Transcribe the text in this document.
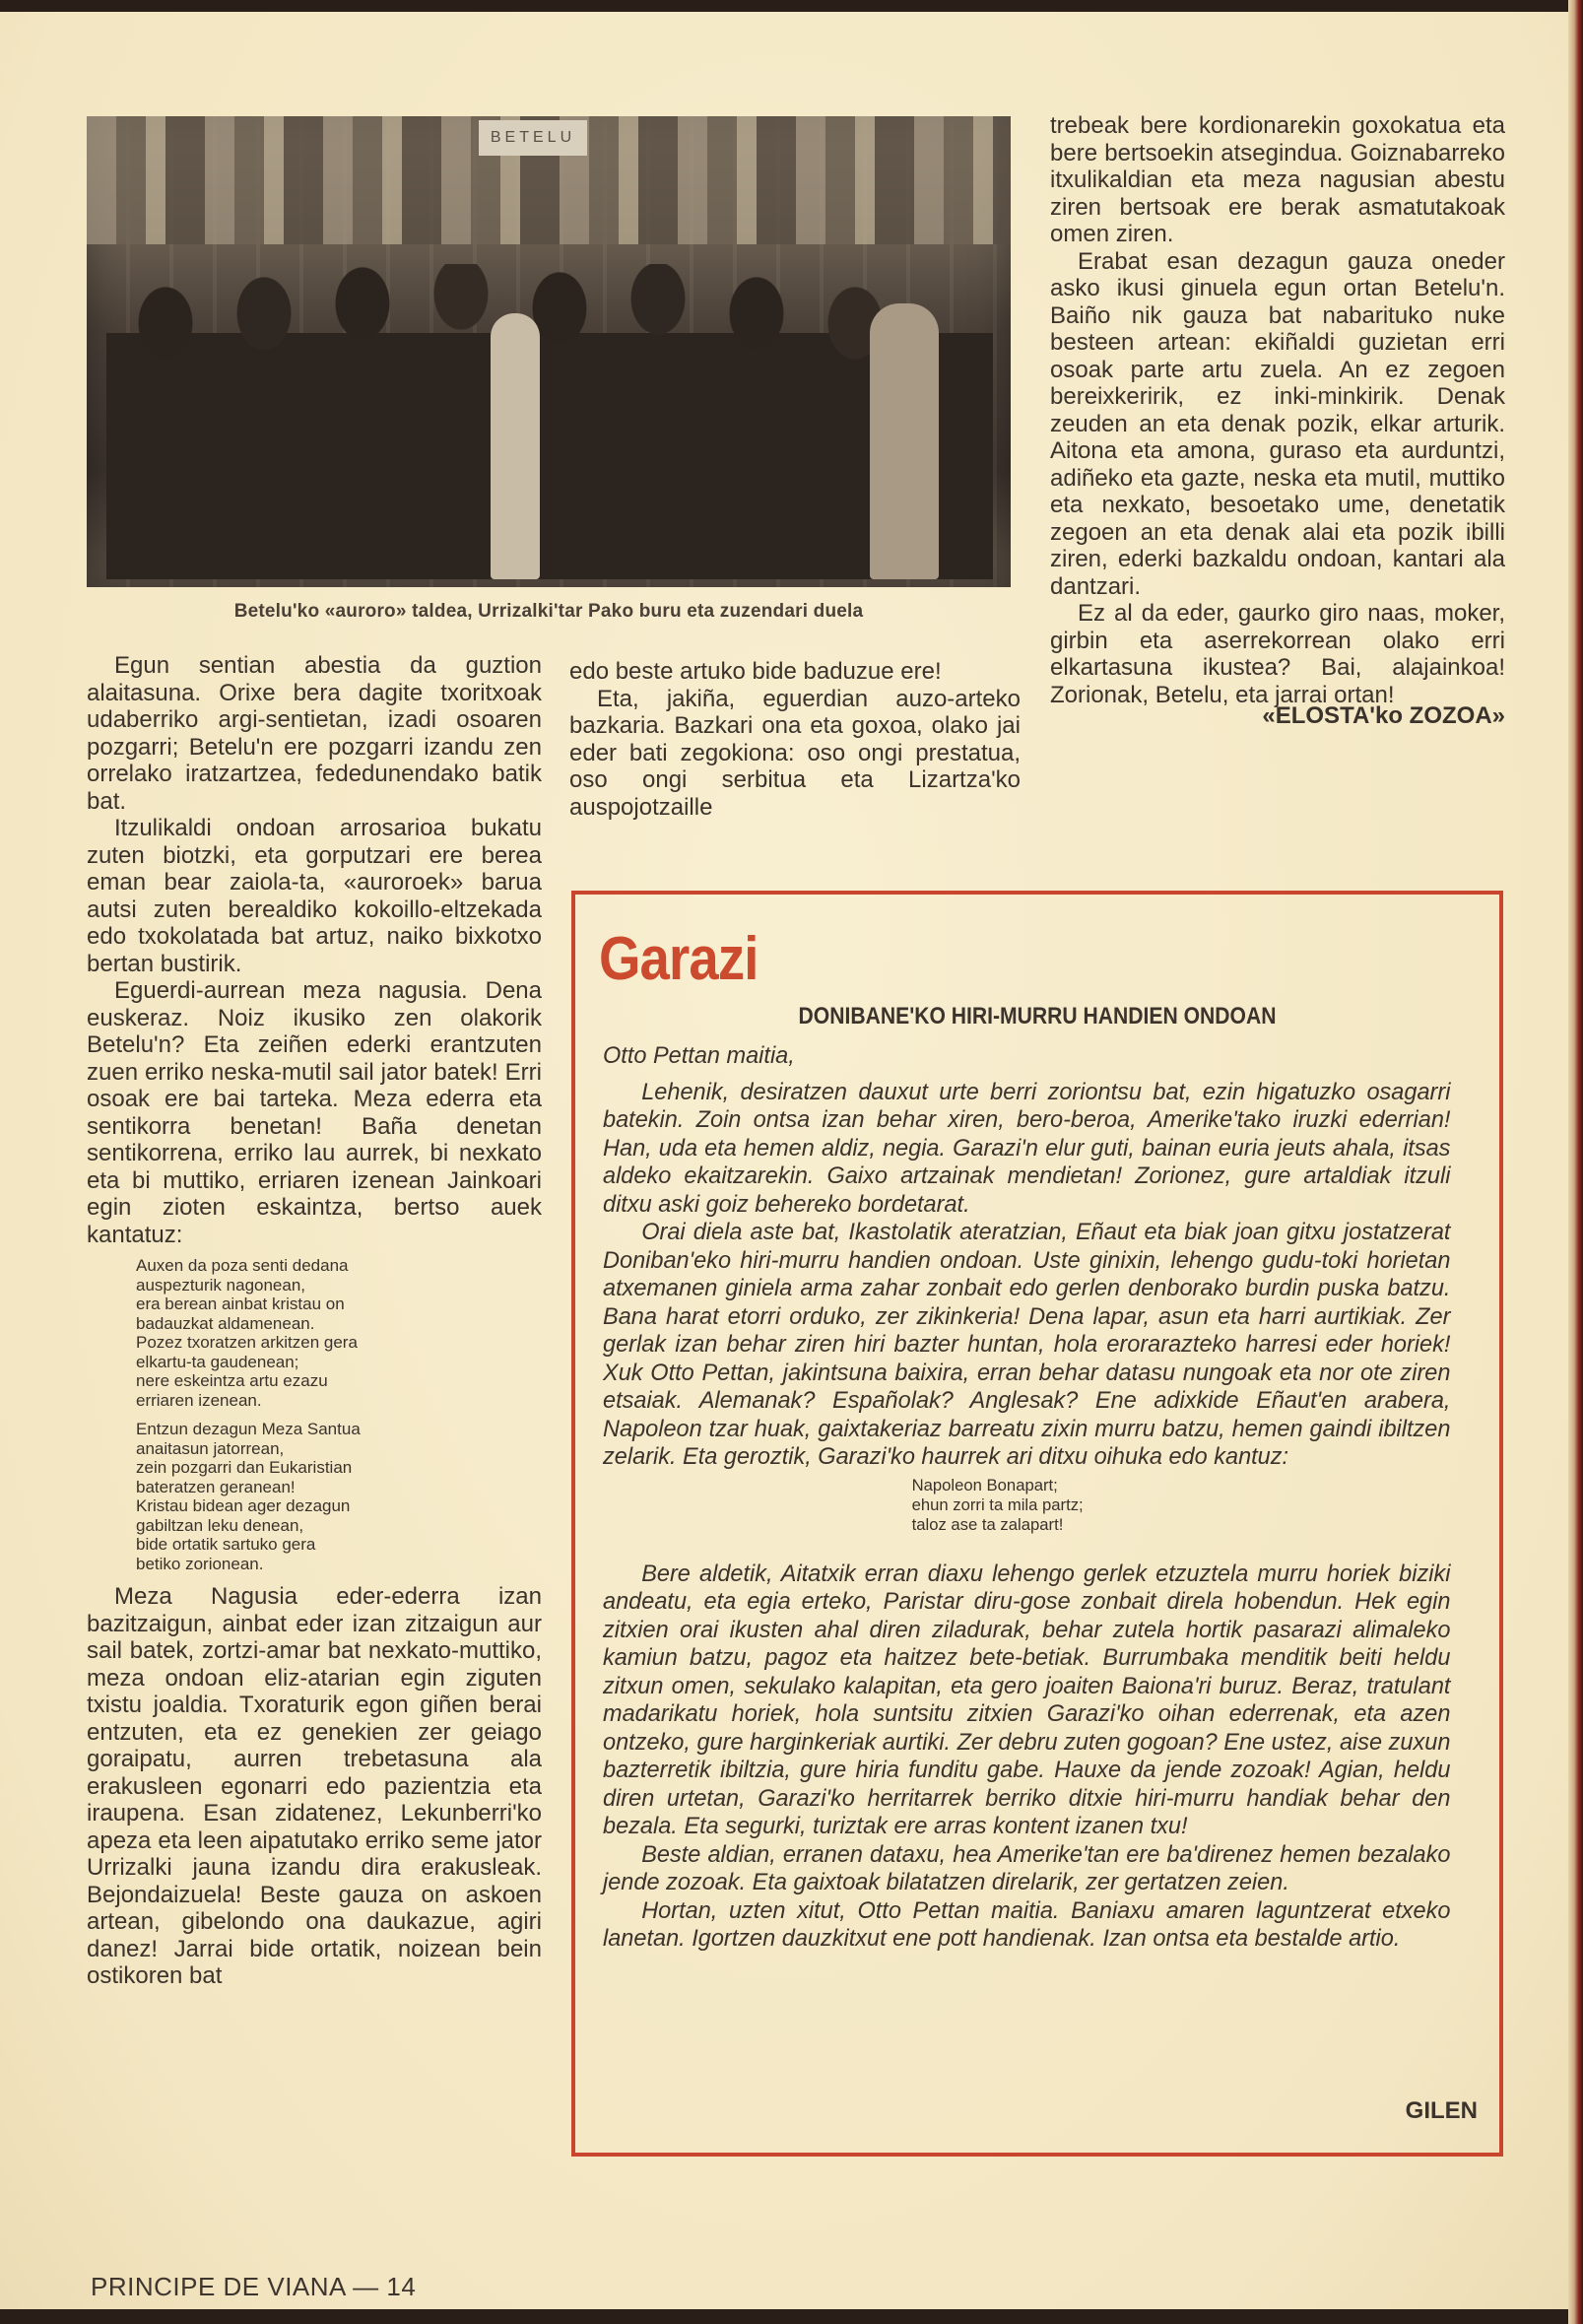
BETELU
Betelu'ko «auroro» taldea, Urrizalki'tar Pako buru eta zuzendari duela

Egun sentian abestia da guztion alaitasuna. Orixe bera dagite txoritxoak udaberriko argi-sentietan, izadi osoaren pozgarri; Betelu'n ere pozgarri izandu zen orrelako iratzartzea, fededunendako batik bat.

Itzulikaldi ondoan arrosarioa bukatu zuten biotzki, eta gorputzari ere berea eman bear zaiola-ta, «auroroek» barua autsi zuten berealdiko kokoillo-eltzekada edo txokolatada bat artuz, naiko bixkotxo bertan bustirik.

Eguerdi-aurrean meza nagusia. Dena euskeraz. Noiz ikusiko zen olakorik Betelu'n? Eta zeiñen ederki erantzuten zuen erriko neska-mutil sail jator batek! Erri osoak ere bai tarteka. Meza ederra eta sentikorra benetan! Baña denetan sentikorrena, erriko lau aurrek, bi nexkato eta bi muttiko, erriaren izenean Jainkoari egin zioten eskaintza, bertso auek kantatuz:

Auxen da poza senti dedana
auspezturik nagonean,
era berean ainbat kristau on
badauzkat aldamenean.
Pozez txoratzen arkitzen gera
elkartu-ta gaudenean;
nere eskeintza artu ezazu
erriaren izenean.
Entzun dezagun Meza Santua
anaitasun jatorrean,
zein pozgarri dan Eukaristian
bateratzen geranean!
Kristau bidean ager dezagun
gabiltzan leku denean,
bide ortatik sartuko gera
betiko zorionean.

Meza Nagusia eder-ederra izan bazitzaigun, ainbat eder izan zitzaigun aur sail batek, zortzi-amar bat nexkato-muttiko, meza ondoan eliz-atarian egin ziguten txistu joaldia. Txoraturik egon giñen berai entzuten, eta ez genekien zer geiago goraipatu, aurren trebetasuna ala erakusleen egonarri edo pazientzia eta iraupena. Esan zidatenez, Lekunberri'ko apeza eta leen aipatutako erriko seme jator Urrizalki jauna izandu dira erakusleak. Bejondaizuela! Beste gauza on askoen artean, gibelondo ona daukazue, agiri danez! Jarrai bide ortatik, noizean bein ostikoren bat

edo beste artuko bide baduzue ere!

Eta, jakiña, eguerdian auzo-arteko bazkaria. Bazkari ona eta goxoa, olako jai eder bati zegokiona: oso ongi prestatua, oso ongi serbitua eta Lizartza'ko auspojotzaille

trebeak bere kordionarekin goxokatua eta bere bertsoekin atsegindua. Goiznabarreko itxulikaldian eta meza nagusian abestu ziren bertsoak ere berak asmatutakoak omen ziren.

Erabat esan dezagun gauza oneder asko ikusi ginuela egun ortan Betelu'n. Baiño nik gauza bat nabarituko nuke besteen artean: ekiñaldi guzietan erri osoak parte artu zuela. An ez zegoen bereixkeririk, ez inki-minkirik. Denak zeuden an eta denak pozik, elkar arturik. Aitona eta amona, guraso eta aurduntzi, adiñeko eta gazte, neska eta mutil, muttiko eta nexkato, besoetako ume, denetatik zegoen an eta denak alai eta pozik ibilli ziren, ederki bazkaldu ondoan, kantari ala dantzari.

Ez al da eder, gaurko giro naas, moker, girbin eta aserrekorrean olako erri elkartasuna ikustea? Bai, alajainkoa! Zorionak, Betelu, eta jarrai ortan!

«ELOSTA'ko ZOZOA»
Garazi
DONIBANE'KO HIRI-MURRU HANDIEN ONDOAN

Otto Pettan maitia,

Lehenik, desiratzen dauxut urte berri zoriontsu bat, ezin higatuzko osagarri batekin. Zoin ontsa izan behar xiren, bero-beroa, Amerike'tako iruzki ederrian! Han, uda eta hemen aldiz, negia. Garazi'n elur guti, bainan euria jeuts ahala, itsas aldeko ekaitzarekin. Gaixo artzainak mendietan! Zorionez, gure artaldiak itzuli ditxu aski goiz behereko bordetarat.

Orai diela aste bat, Ikastolatik ateratzian, Eñaut eta biak joan gitxu jostatzerat Doniban'eko hiri-murru handien ondoan. Uste ginixin, lehengo gudu-toki horietan atxemanen giniela arma zahar zonbait edo gerlen denborako burdin puska batzu. Bana harat etorri orduko, zer zikinkeria! Dena lapar, asun eta harri aurtikiak. Zer gerlak izan behar ziren hiri bazter huntan, hola erorarazteko harresi eder horiek! Xuk Otto Pettan, jakintsuna baixira, erran behar datasu nungoak eta nor ote ziren etsaiak. Alemanak? Españolak? Anglesak? Ene adixkide Eñaut'en arabera, Napoleon tzar huak, gaixtakeriaz barreatu zixin murru batzu, hemen gaindi ibiltzen zelarik. Eta geroztik, Garazi'ko haurrek ari ditxu oihuka edo kantuz:

Napoleon Bonapart;
ehun zorri ta mila partz;
taloz ase ta zalapart!

Bere aldetik, Aitatxik erran diaxu lehengo gerlek etzuztela murru horiek biziki andeatu, eta egia erteko, Paristar diru-gose zonbait direla hobendun. Hek egin zitxien orai ikusten ahal diren ziladurak, behar zutela hortik pasarazi alimaleko kamiun batzu, pagoz eta haitzez bete-betiak. Burrumbaka menditik beiti heldu zitxun omen, sekulako kalapitan, eta gero joaiten Baiona'ri buruz. Beraz, tratulant madarikatu horiek, hola suntsitu zitxien Garazi'ko oihan ederrenak, eta azen ontzeko, gure harginkeriak aurtiki. Zer debru zuten gogoan? Ene ustez, aise zuxun bazterretik ibiltzia, gure hiria funditu gabe. Hauxe da jende zozoak! Agian, heldu diren urtetan, Garazi'ko herritarrek berriko ditxie hiri-murru handiak behar den bezala. Eta segurki, turiztak ere arras kontent izanen txu!

Beste aldian, erranen dataxu, hea Amerike'tan ere ba'direnez hemen bezalako jende zozoak. Eta gaixtoak bilatatzen direlarik, zer gertatzen zeien.

Hortan, uzten xitut, Otto Pettan maitia. Baniaxu amaren laguntzerat etxeko lanetan. Igortzen dauzkitxut ene pott handienak. Izan ontsa eta bestalde artio.

GILEN
PRINCIPE DE VIANA — 14
